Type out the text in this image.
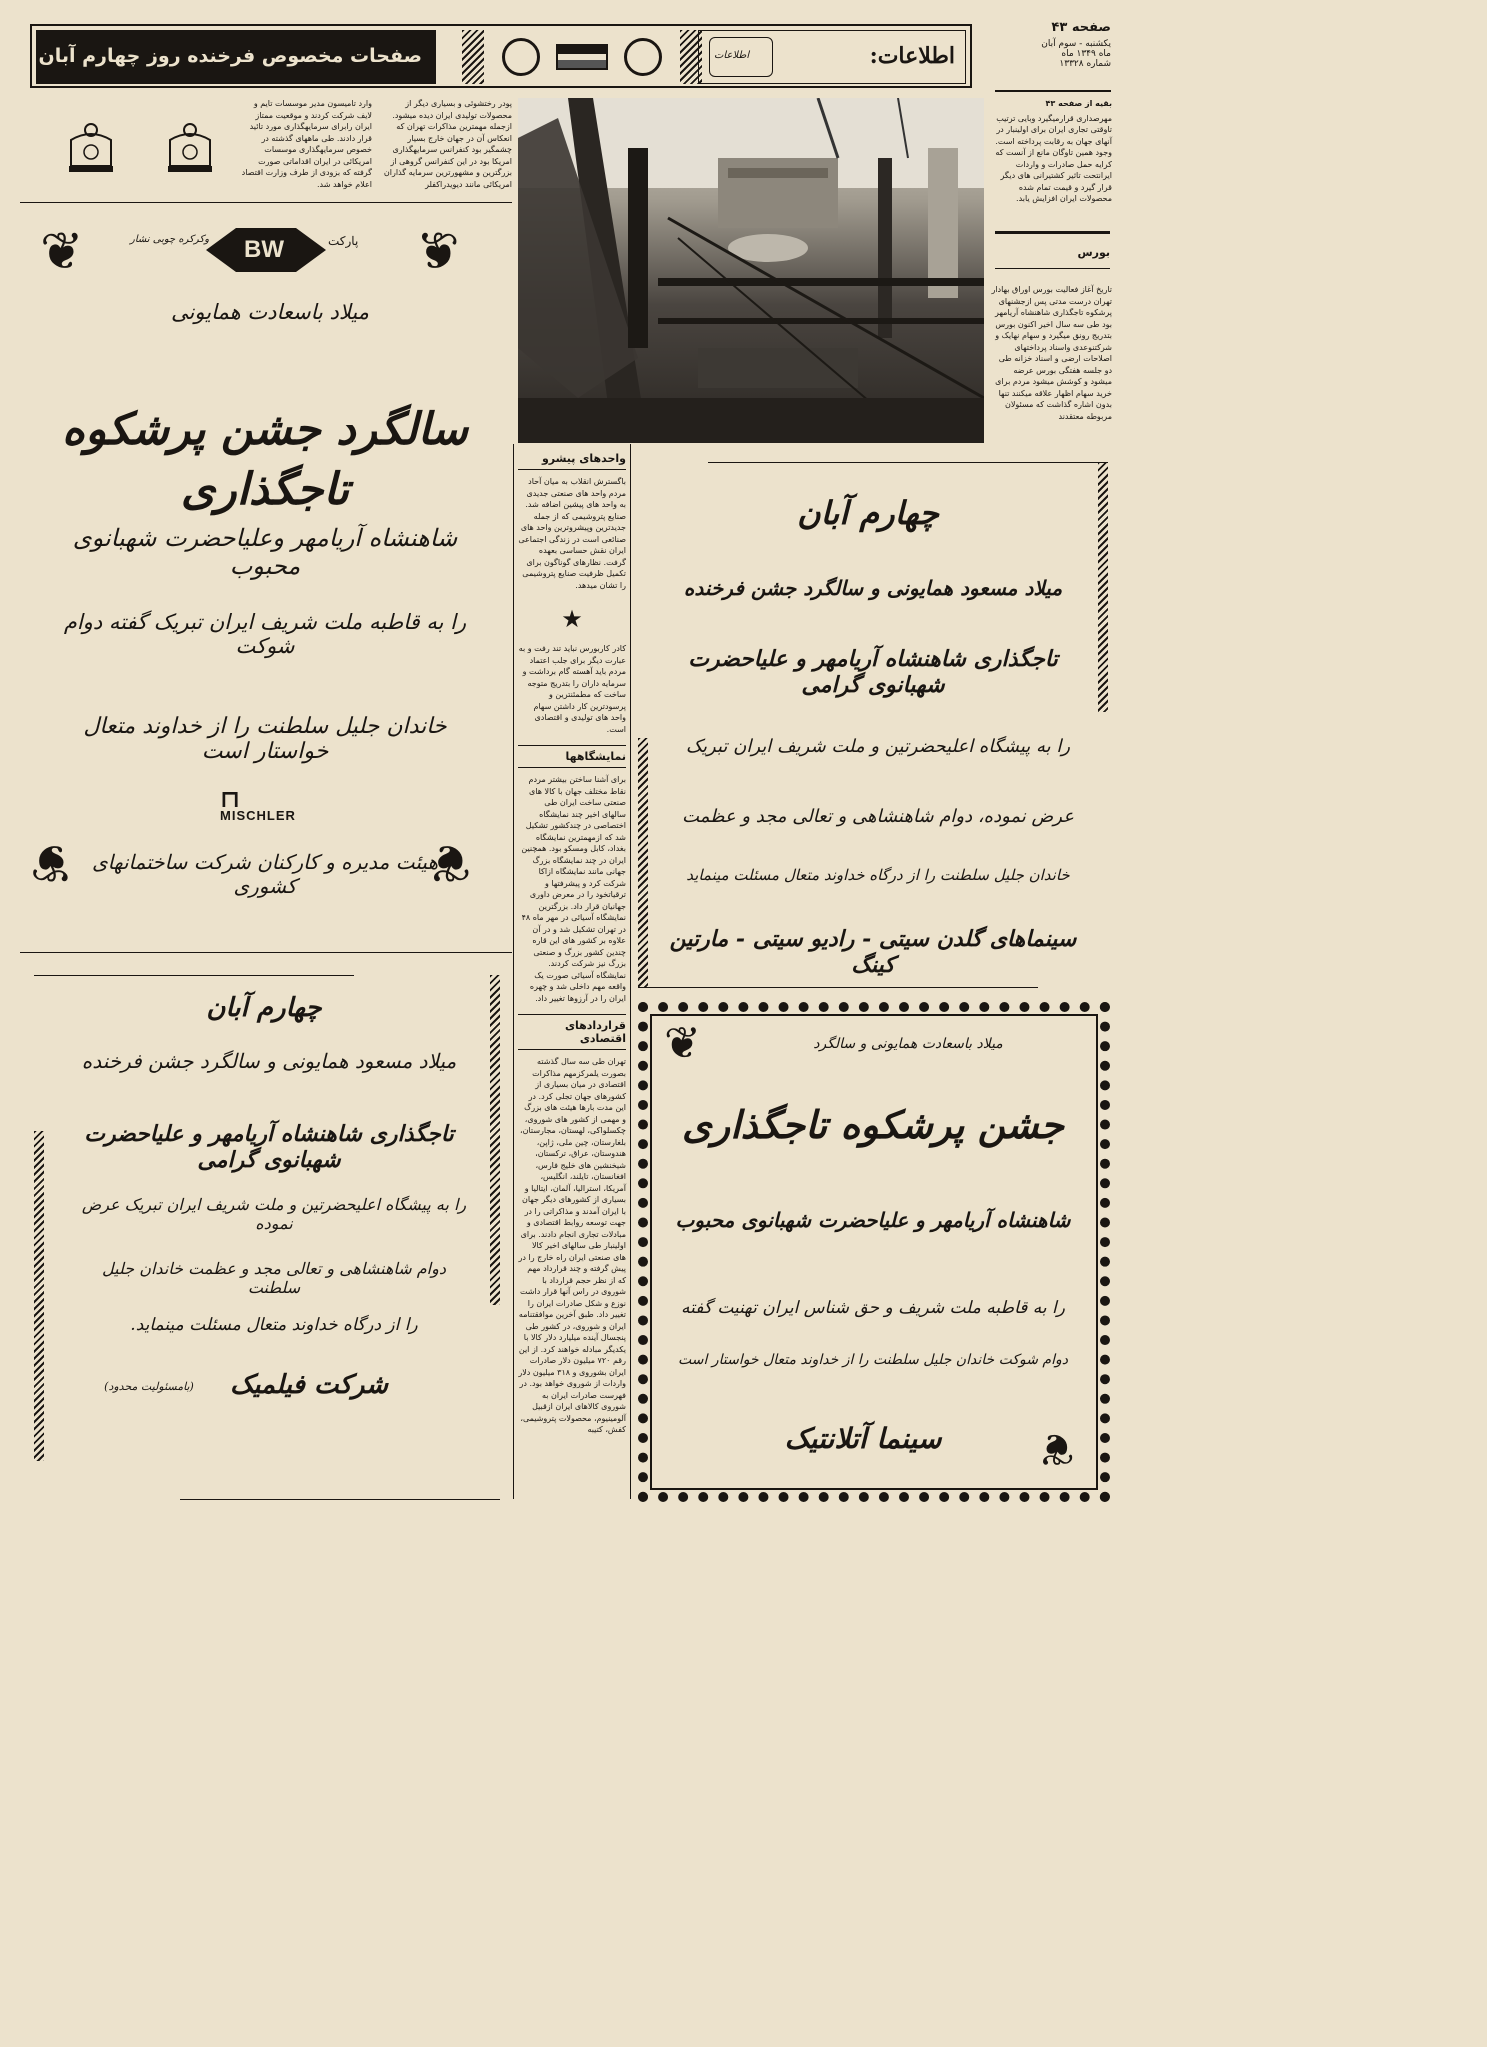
اطلاعات:
اطلاعات
صفحات مخصوص فرخنده روز چهارم آبان
صفحه ۴۳
یکشنبه - سوم آبان
ماه ۱۳۴۹ ماه
شماره ۱۳۳۲۸
بقیه از صفحه ۴۳
مهرصداری قرارمیگیرد وبایی ترتیب تاوقتی تجاری ایران برای اولینبار در آنهای جهان به رقابت پرداخته است. وجود همین تاوگان مانع از آنست که کرایه حمل صادرات و واردات ایرانتحت تاثیر کشتیرانی های دیگر قرار گیرد و قیمت تمام شده محصولات ایران افزایش یابد.
بورس
تاریخ آغاز فعالیت بورس اوراق بهادار تهران درست مدتی پس ازجشنهای پرشکوه تاجگذاری شاهنشاه آریامهر بود طی سه سال اخیر اکنون بورس بتدریج رونق میگیرد و سهام نهایک و شرکتنوعدی واسناد پرداختهای اصلاحات ارضی و اسناد خزانه طی دو جلسه هفتگی بورس عرضه میشود و کوشش میشود مردم برای خرید سهام اظهار علاقه میکنند تنها بدون اشاره گذاشت که مسئولان مربوطه معتقدند
پودر رختشوئی و بسیاری دیگر از محصولات تولیدی ایران دیده میشود. ازجمله مهمترین مذاکرات تهران که انعکاس آن در جهان خارج بسیار چشمگیر بود کنفرانس سرمایهگذاری امریکا بود در این کنفرانس گروهی از بزرگترین و مشهورترین سرمایه گذاران امریکائی مانند دیویدراکفلر
وارد تامیسون مدیر موسسات تایم و لایف شرکت کردند و موقعیت ممتاز ایران رابرای سرمایهگذاری مورد تائید قرار دادند. طی ماههای گذشته در خصوص سرمایهگذاری موسسات امریکائی در ایران اقداماتی صورت گرفته که بزودی از طرف وزارت اقتصاد اعلام خواهد شد.
❦	❦
❦	❦
پارکت
وکرکره چوبی نشار BW
میلاد باسعادت همایونی
سالگرد جشن پرشکوه تاجگذاری
شاهنشاه آریامهر وعلیاحضرت شهبانوی محبوب
را به قاطبه ملت شریف ایران تبریک گفته دوام شوکت
خاندان جلیل سلطنت را از خداوند متعال خواستار است
⊓
MISCHLER
هیئت مدیره و کارکنان شرکت ساختمانهای کشوری
چهارم آبان
میلاد مسعود همایونی و سالگرد جشن فرخنده
تاجگذاری شاهنشاه آریامهر و علیاحضرت شهبانوی گرامی
را به پیشگاه اعلیحضرتین و ملت شریف ایران تبریک عرض نموده
دوام شاهنشاهی و تعالی مجد و عظمت خاندان جلیل سلطنت
را از درگاه خداوند متعال مسئلت مینماید.
شرکت فیلمیک
(بامسئولیت محدود)
واحدهای پیشرو
باگسترش انقلاب به میان آحاد مردم واحد های صنعتی جدیدی به واحد های پیشین اضافه شد. صنایع پتروشیمی که از جمله جدیدترین وپیشروترین واحد های صنائعی است در زندگی اجتماعی ایران نقش حساسی بعهده گرفت. نظارهای گوناگون برای تکمیل ظرفیت صنایع پتروشیمی را تشان میدهد.
★
کادر کاربورس نباید تند رفت و به عبارت دیگر برای جلب اعتماد مردم باید آهسته گام برداشت و سرمایه داران را بتدریج متوجه ساخت که مطمئنترین و پرسودترین کار داشتن سهام واحد های تولیدی و اقتصادی است.
نمایشگاهها
برای آشنا ساختن بیشتر مردم نقاط مختلف جهان با کالا های صنعتی ساخت ایران طی سالهای اخیر چند نمایشگاه اختصاصی در چندکشور تشکیل شد که ازمهمترین نمایشگاه بغداد، کابل ومسکو بود. همچنین ایران در چند نمایشگاه بزرگ جهانی مانند نمایشگاه ازاکا شرکت کرد و پیشرفتها و ترقیاتخود را در معرض داوری جهانیان قرار داد. بزرگترین نمایشگاه آسیائی در مهر ماه ۴۸ در تهران تشکیل شد و در آن علاوه بر کشور های این قاره چندین کشور بزرگ و صنعتی بزرگ نیز شرکت کردند. نمایشگاه آسیائی صورت یک واقعه مهم داخلی شد و چهره ایران را در آرزوها تغییر داد.
قراردادهای اقتصادی
تهران طی سه سال گذشته بصورت یلمرکزمهم مذاکرات اقتصادی در میان بسیاری از کشورهای جهان تجلی کرد. در این مدت بارها هیئت های بزرگ و مهمی از کشور های شوروی، چکسلواکی، لهستان، مجارستان، بلغارستان، چین ملی، ژاپن، هندوستان، عراق، ترکستان، شیخنشین های خلیج فارس، افغانستان، تایلند، انگلیس، آمریکا، استرالیا، آلمان، ایتالیا و بسیاری از کشورهای دیگر جهان با ایران آمدند و مذاکراتی را در جهت توسعه روابط اقتصادی و مبادلات تجاری انجام دادند. برای اولینبار طی سالهای اخیر کالا های صنعتی ایران راه خارج را در پیش گرفته و چند قرارداد مهم که از نظر حجم قرارداد با شوروی در راس آنها قرار داشت نوزع و شکل صادرات ایران را تغییر داد. طبق آخرین موافقتنامه ایران و شوروی، در کشور طی پنجسال آینده میلیارد دلار کالا با یکدیگر مبادله خواهند کرد. از این رقم ۷۲۰ میلیون دلار صادرات ایران بشوروی و ۳۱۸ میلیون دلار واردات از شوروی خواهد بود. در فهرست صادرات ایران به شوروی کالاهای ایران ازقبیل آلومینیوم، محصولات پتروشیمی، کفش، کتیبه
چهارم آبان
میلاد مسعود همایونی و سالگرد جشن فرخنده
تاجگذاری شاهنشاه آریامهر و علیاحضرت شهبانوی گرامی
را به پیشگاه اعلیحضرتین و ملت شریف ایران تبریک
عرض نموده، دوام شاهنشاهی و تعالی مجد و عظمت
خاندان جلیل سلطنت را از درگاه خداوند متعال مسئلت مینماید
سینماهای گلدن سیتی - رادیو سیتی - مارتین کینگ
❦
❦
میلاد باسعادت همایونی و سالگرد
جشن پرشکوه تاجگذاری
شاهنشاه آریامهر و علیاحضرت شهبانوی محبوب
را به قاطبه ملت شریف و حق شناس ایران تهنیت گفته
دوام شوکت خاندان جلیل سلطنت را از خداوند متعال خواستار است
سینما آتلانتیک
